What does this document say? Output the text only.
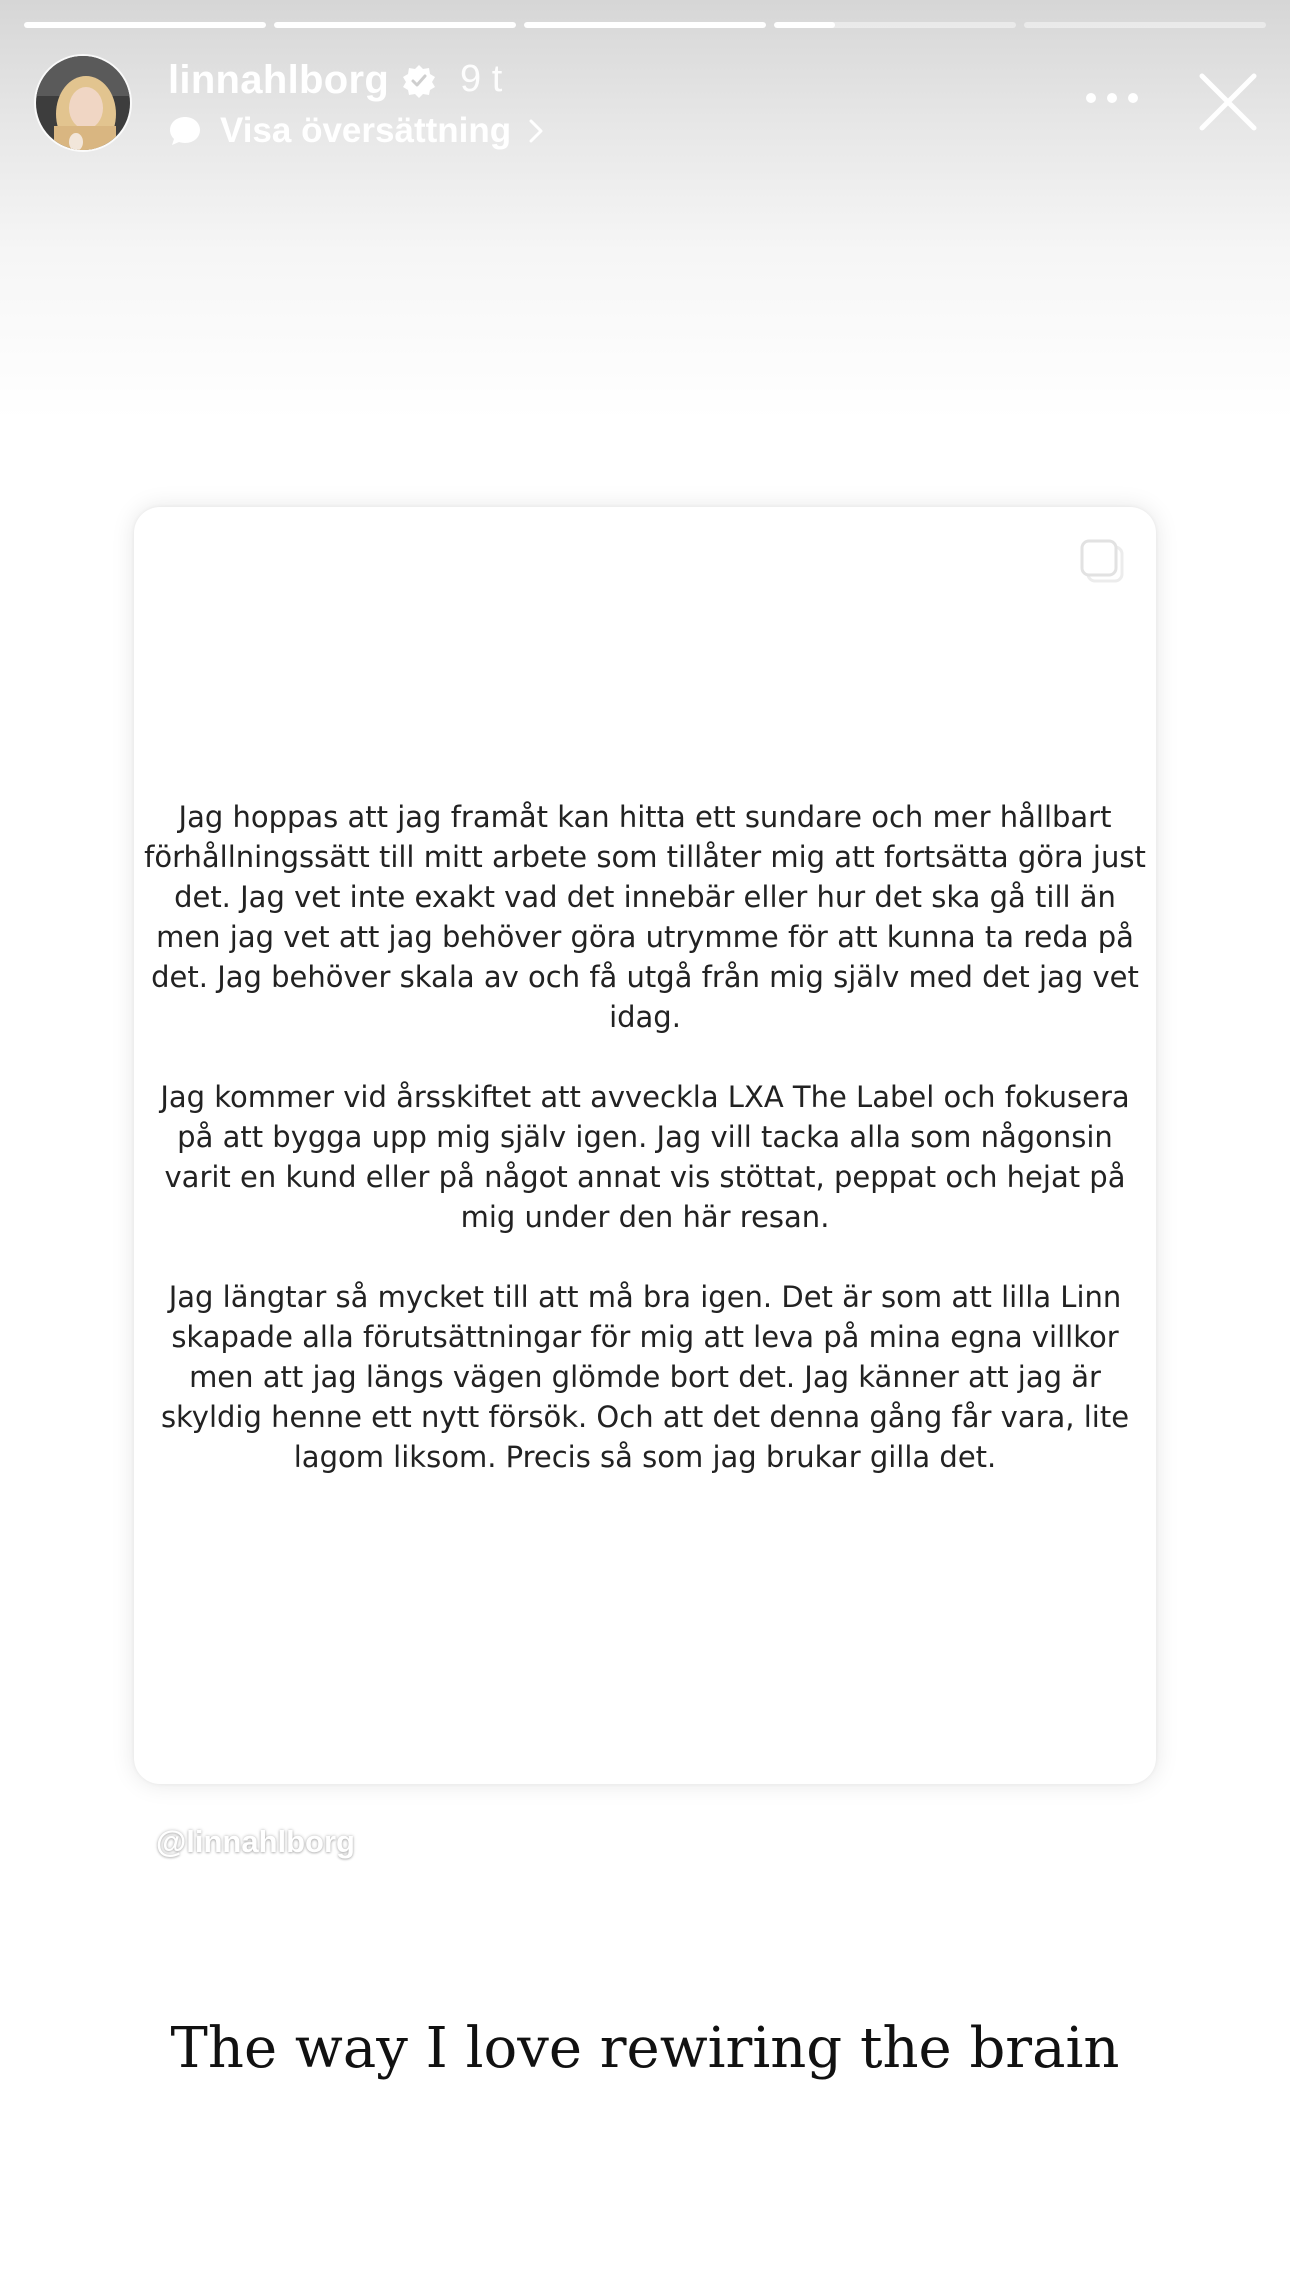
linnahlborg 9 t
Visa översättning

Jag hoppas att jag framåt kan hitta ett sundare och mer hållbart förhållningssätt till mitt arbete som tillåter mig att fortsätta göra just det. Jag vet inte exakt vad det innebär eller hur det ska gå till än men jag vet att jag behöver göra utrymme för att kunna ta reda på det. Jag behöver skala av och få utgå från mig själv med det jag vet idag.

Jag kommer vid årsskiftet att avveckla LXA The Label och fokusera på att bygga upp mig själv igen. Jag vill tacka alla som någonsin varit en kund eller på något annat vis stöttat, peppat och hejat på mig under den här resan.

Jag längtar så mycket till att må bra igen. Det är som att lilla Linn skapade alla förutsättningar för mig att leva på mina egna villkor men att jag längs vägen glömde bort det. Jag känner att jag är skyldig henne ett nytt försök. Och att det denna gång får vara, lite lagom liksom. Precis så som jag brukar gilla det.

@linnahlborg
The way I love rewiring the brain
